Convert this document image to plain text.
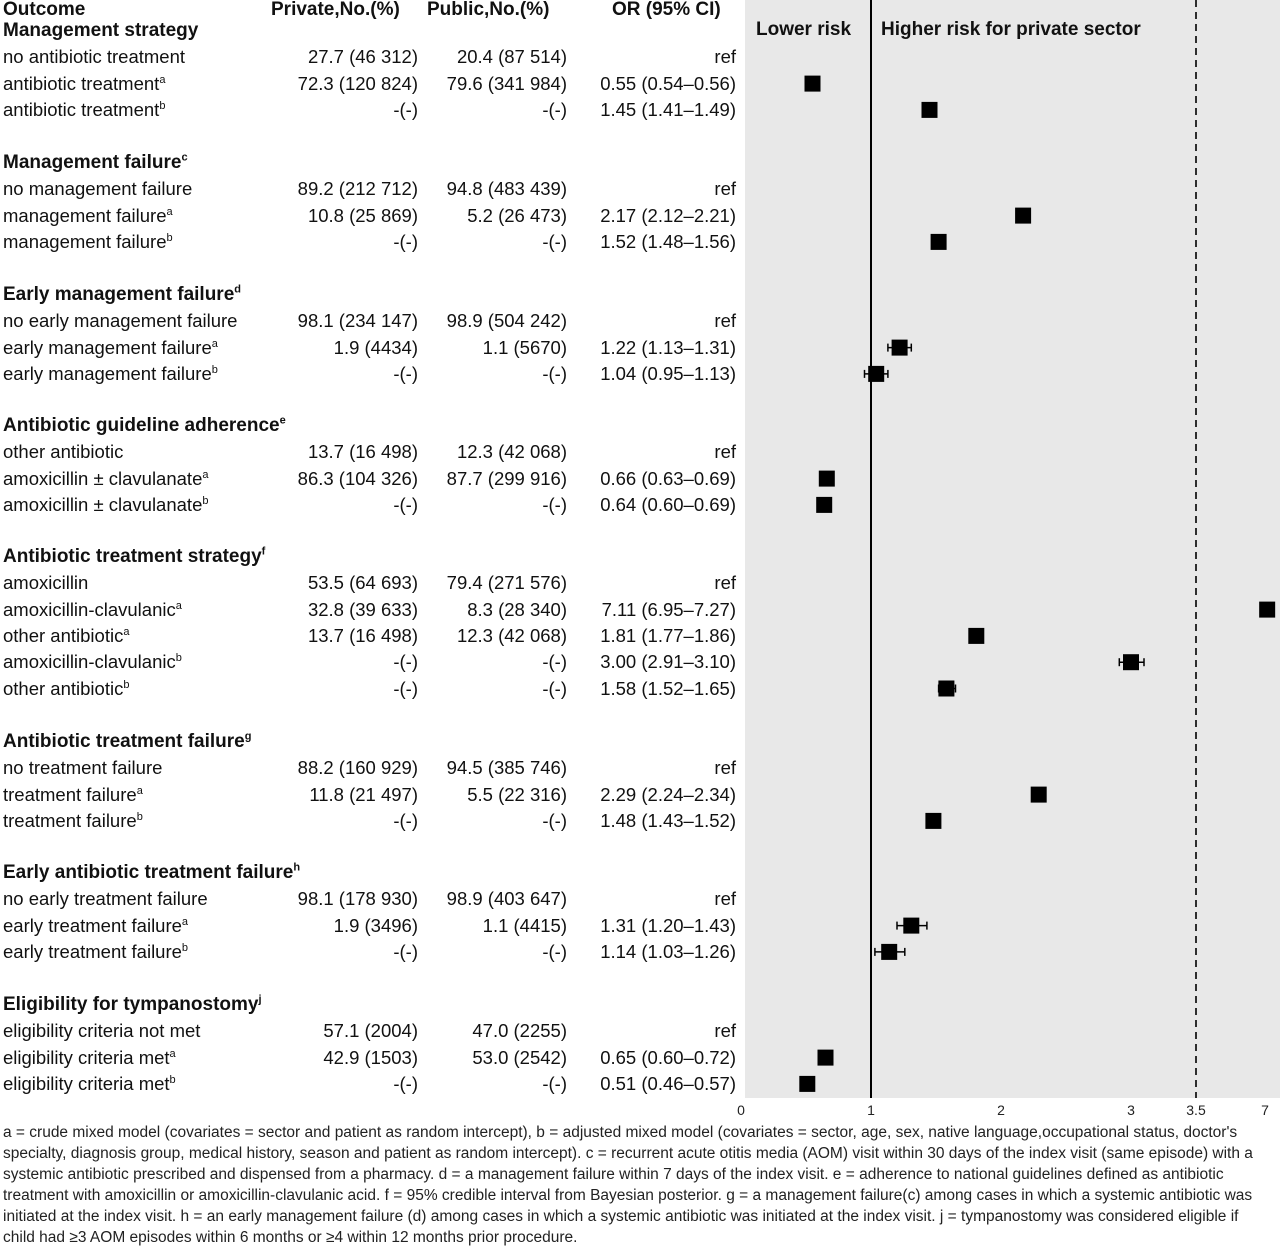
Outcome	Private,No.(%) Public,No.(%)	OR (95% CI)
Management strategy
no antibiotic treatment	27.7 (46 312) 20.4 (87 514)	ref
antibiotic treatment$^a$	72.3 (120 824) 79.6 (341 984) 0.55 (0.54–0.56)
antibiotic treatment$^b$	-(-)	-(-) 1.45 (1.41–1.49)
Management failure$^c$
no management failure	89.2 (212 712) 94.8 (483 439)	ref
management failure$^a$	10.8 (25 869)	5.2 (26 473) 2.17 (2.12–2.21)
management failure$^b$	-(-)	-(-) 1.52 (1.48–1.56)
Early management failure$^d$
no early management failure	98.1 (234 147) 98.9 (504 242)	ref
early management failure$^a$	1.9 (4434)	1.1 (5670) 1.22 (1.13–1.31)
early management failure$^b$	-(-)	-(-) 1.04 (0.95–1.13)
Antibiotic guideline adherence$^e$
other antibiotic	13.7 (16 498) 12.3 (42 068)	ref
amoxicillin ± clavulanate$^a$	86.3 (104 326) 87.7 (299 916) 0.66 (0.63–0.69)
amoxicillin ± clavulanate$^b$	-(-)	-(-) 0.64 (0.60–0.69)
Antibiotic treatment strategy$^f$
amoxicillin	53.5 (64 693) 79.4 (271 576)	ref
amoxicillin-clavulanic$^a$	32.8 (39 633)	8.3 (28 340) 7.11 (6.95–7.27)
other antibiotic$^a$	13.7 (16 498) 12.3 (42 068) 1.81 (1.77–1.86)
amoxicillin-clavulanic$^b$	-(-)	-(-) 3.00 (2.91–3.10)
other antibiotic$^b$	-(-)	-(-) 1.58 (1.52–1.65)
Antibiotic treatment failure$^g$
no treatment failure	88.2 (160 929) 94.5 (385 746)	ref
treatment failure$^a$	11.8 (21 497)	5.5 (22 316) 2.29 (2.24–2.34)
treatment failure$^b$	-(-)	-(-) 1.48 (1.43–1.52)
Early antibiotic treatment failure$^h$
no early treatment failure	98.1 (178 930) 98.9 (403 647)	ref
early treatment failure$^a$	1.9 (3496)	1.1 (4415) 1.31 (1.20–1.43)
early treatment failure$^b$	-(-)	-(-) 1.14 (1.03–1.26)
Eligibility for tympanostomy$^j$
eligibility criteria not met	57.1 (2004)	47.0 (2255)	ref
eligibility criteria met$^a$	42.9 (1503)	53.0 (2542) 0.65 (0.60–0.72)
eligibility criteria met$^b$	-(-)	-(-) 0.51 (0.46–0.57)
Lower risk Higher risk for private sector
0	1	2	3	3.5	7
a = crude mixed model (covariates = sector and patient as random intercept), b = adjusted mixed model (covariates = sector, age, sex, native language,occupational status, doctor's specialty, diagnosis group, medical history, season and patient as random intercept). c = recurrent acute otitis media (AOM) visit within 30 days of the index visit (same episode) with a systemic antibiotic prescribed and dispensed from a pharmacy. d = a management failure within 7 days of the index visit. e = adherence to national guidelines defined as antibiotic treatment with amoxicillin or amoxicillin-clavulanic acid. f = 95% credible interval from Bayesian posterior. g = a management failure(c) among cases in which a systemic antibiotic was initiated at the index visit. h = an early management failure (d) among cases in which a systemic antibiotic was initiated at the index visit. j = tympanostomy was considered eligible if child had ≥3 AOM episodes within 6 months or ≥4 within 12 months prior procedure.
